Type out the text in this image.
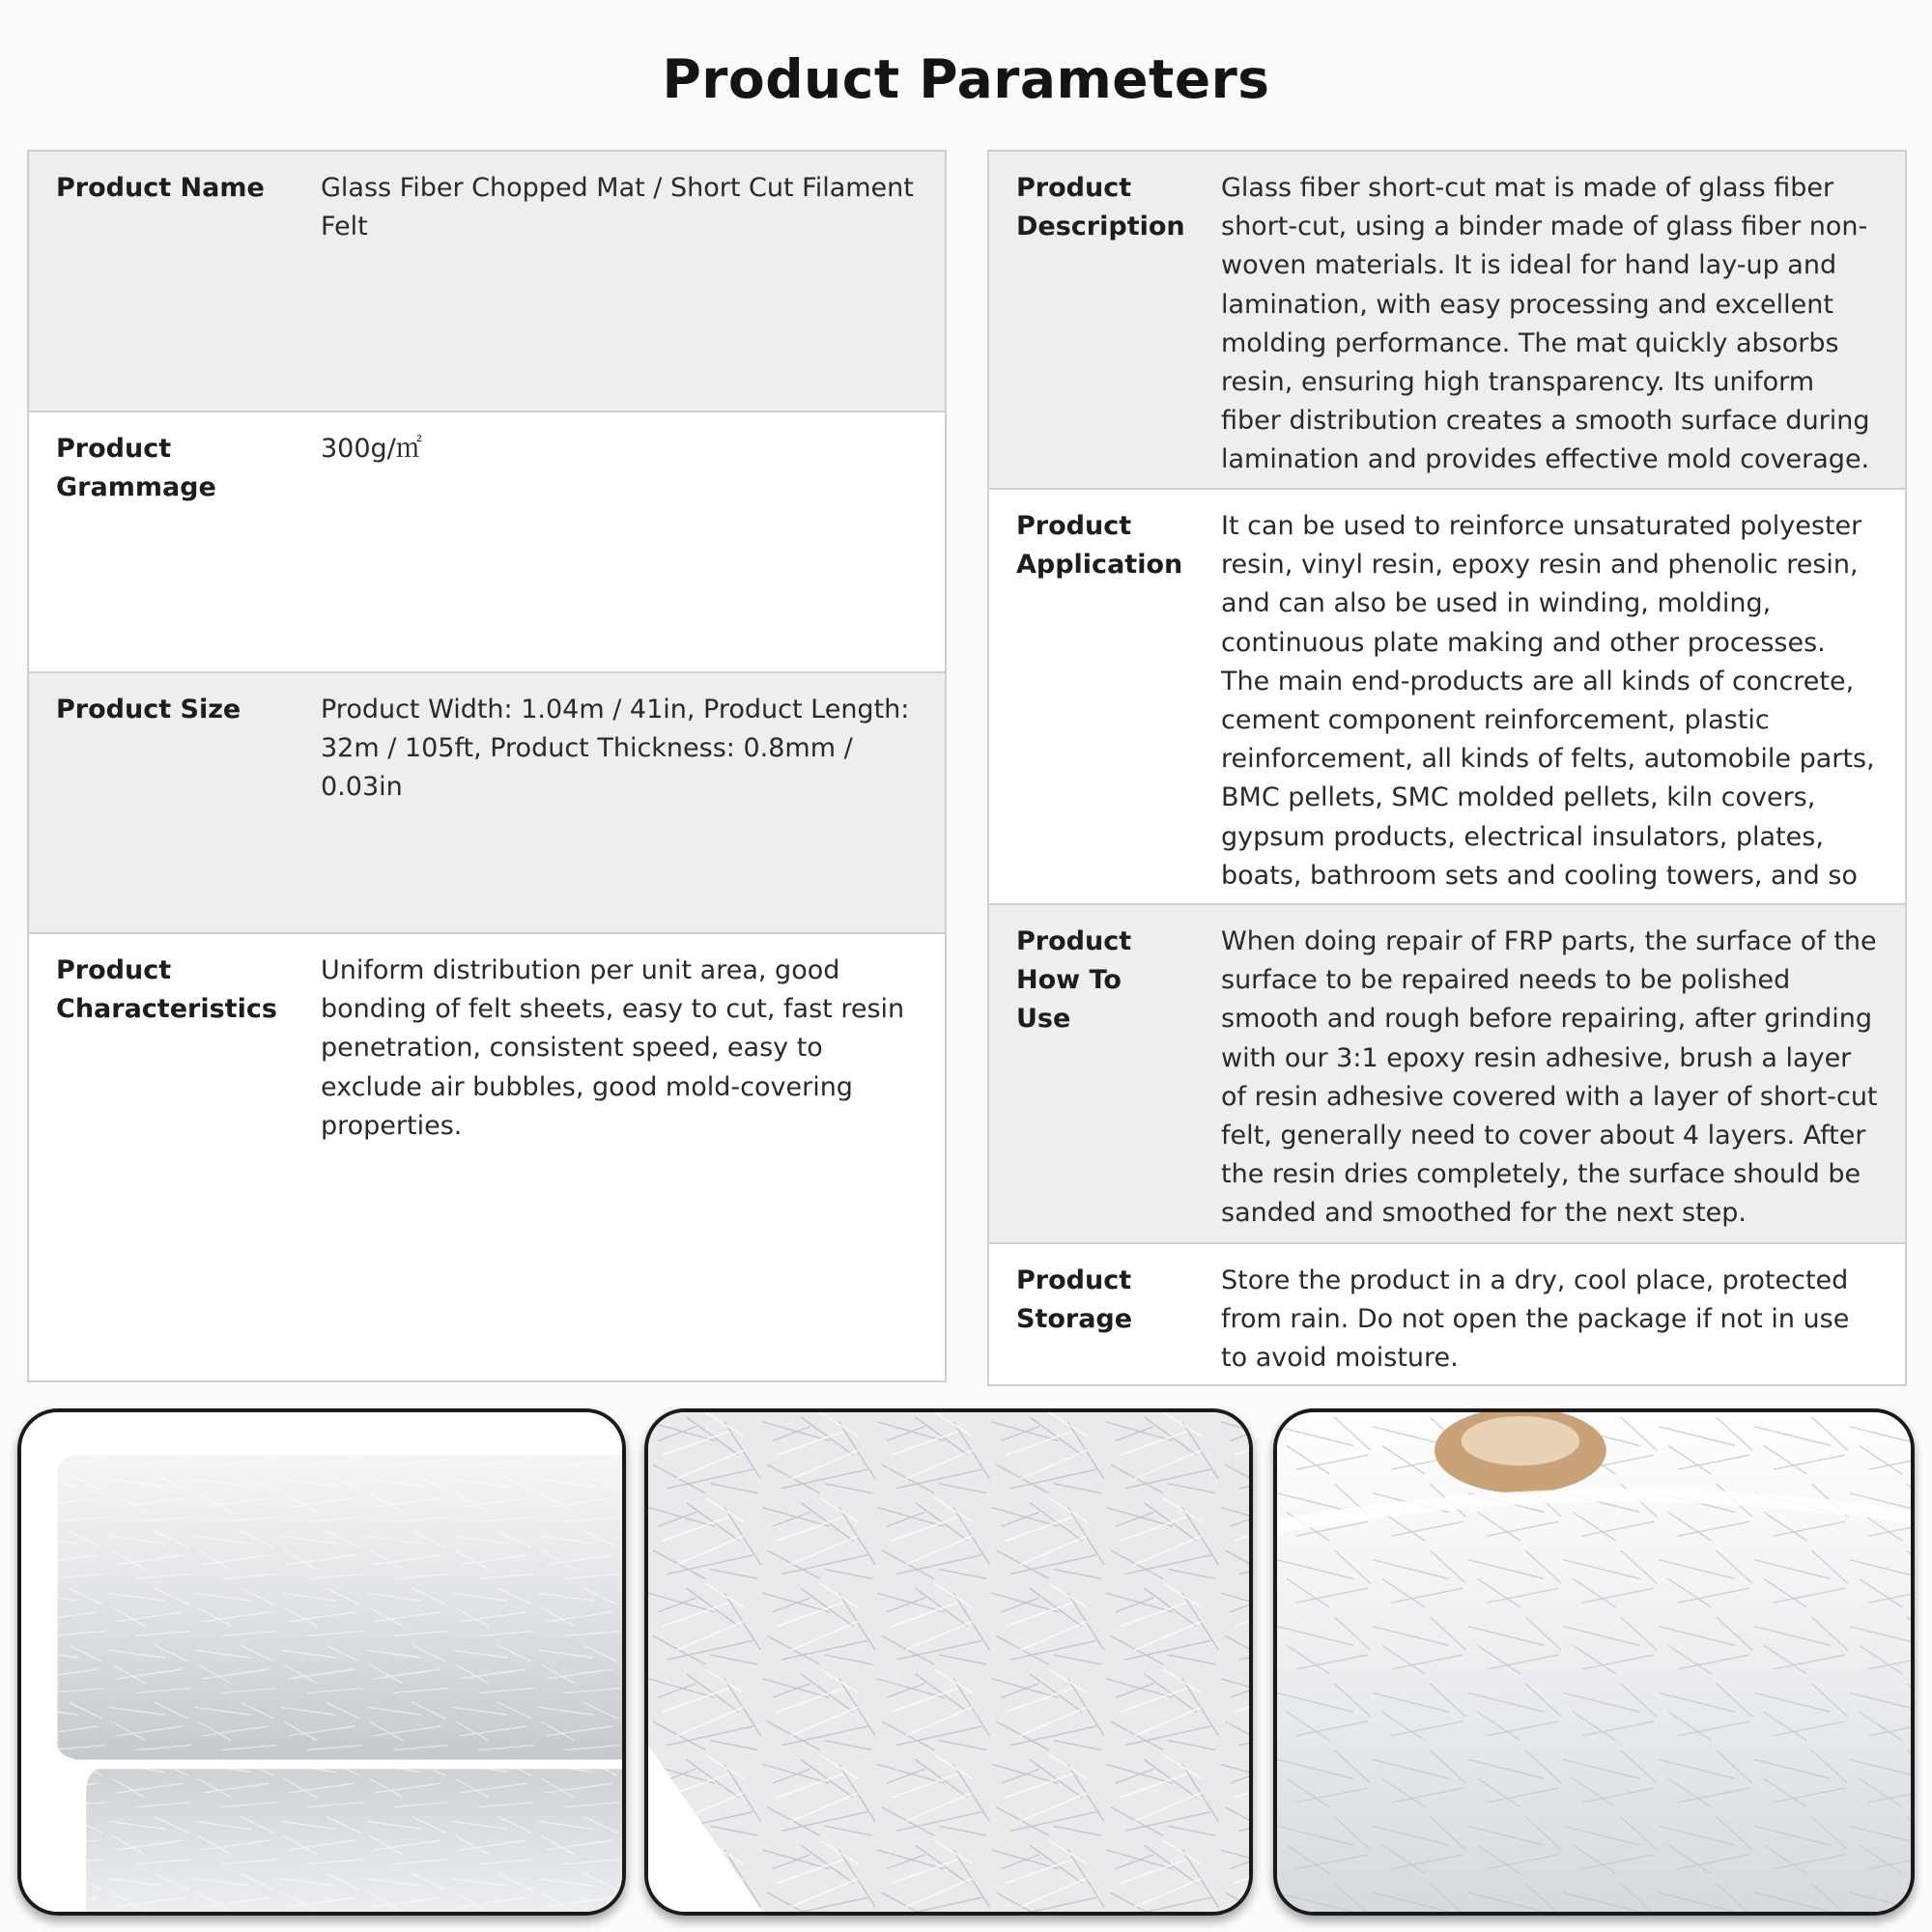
Product Parameters
Product Name	Glass Fiber Chopped Mat / Short Cut Filament Felt
Product Grammage
300g/㎡
Product Size	Product Width: 1.04m / 41in, Product Length: 32m / 105ft, Product Thickness: 0.8mm / 0.03in
Product Characteristics
Uniform distribution per unit area, good bonding of felt sheets, easy to cut, fast resin penetration, consistent speed, easy to exclude air bubbles, good mold-covering properties.
Product Description
Glass fiber short-cut mat is made of glass fiber short-cut, using a binder made of glass fiber non-woven materials. It is ideal for hand lay-up and lamination, with easy processing and excellent molding performance. The mat quickly absorbs resin, ensuring high transparency. Its uniform fiber distribution creates a smooth surface during lamination and provides effective mold coverage.
Product Application
It can be used to reinforce unsaturated polyester resin, vinyl resin, epoxy resin and phenolic resin, and can also be used in winding, molding, continuous plate making and other processes. The main end-products are all kinds of concrete, cement component reinforcement, plastic reinforcement, all kinds of felts, automobile parts, BMC pellets, SMC molded pellets, kiln covers, gypsum products, electrical insulators, plates, boats, bathroom sets and cooling towers, and so
Product How To Use
When doing repair of FRP parts, the surface of the surface to be repaired needs to be polished smooth and rough before repairing, after grinding with our 3:1 epoxy resin adhesive, brush a layer of resin adhesive covered with a layer of short-cut felt, generally need to cover about 4 layers. After the resin dries completely, the surface should be sanded and smoothed for the next step.
Product Storage
Store the product in a dry, cool place, protected from rain. Do not open the package if not in use to avoid moisture.
